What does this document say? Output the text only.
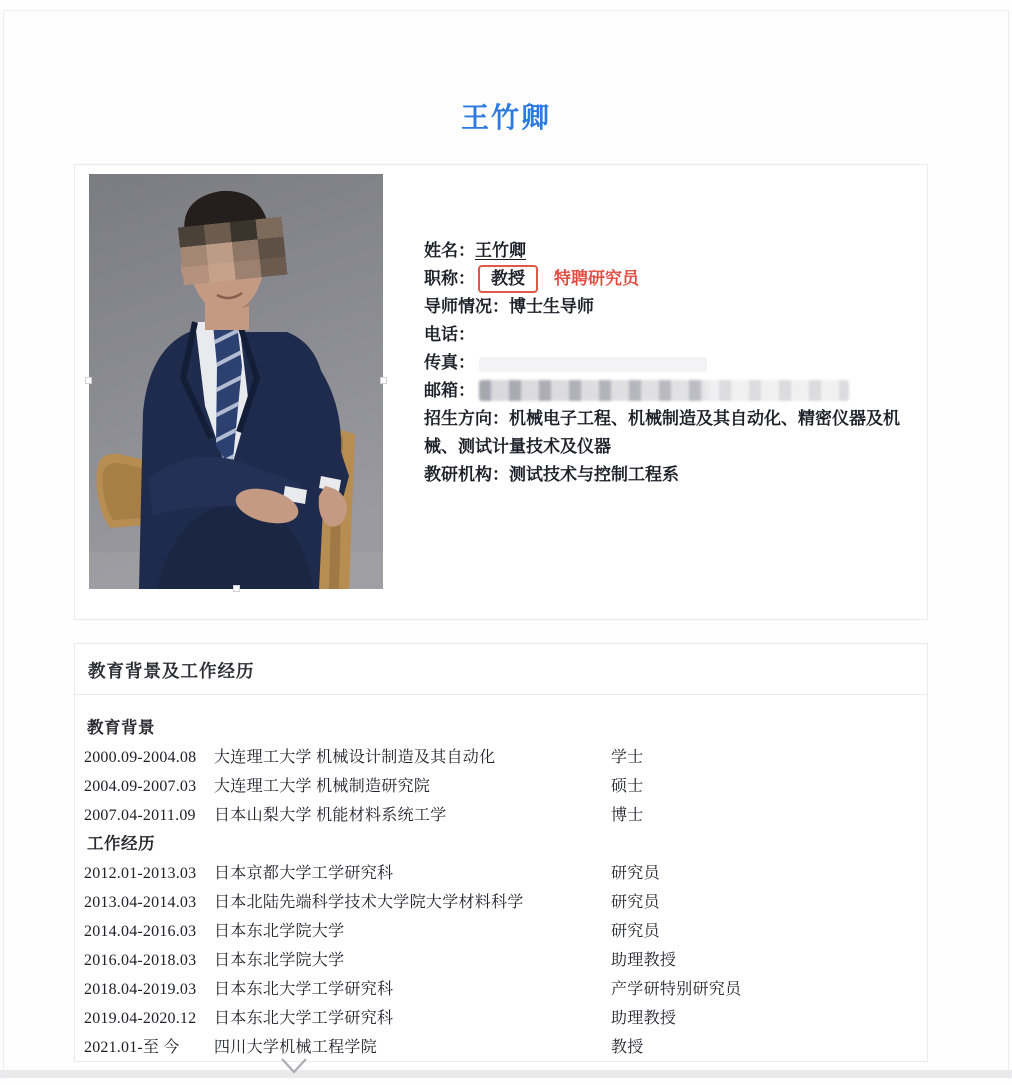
王竹卿
姓名：王竹卿
职称： 教授 特聘研究员
导师情况：博士生导师
电话：
传真：
邮箱：
招生方向：机械电子工程、机械制造及其自动化、精密仪器及机械、测试计量技术及仪器
教研机构：测试技术与控制工程系
教育背景及工作经历
教育背景
2000.09-2004.08	大连理工大学 机械设计制造及其自动化	学士
2004.09-2007.03	大连理工大学 机械制造研究院	硕士
2007.04-2011.09	日本山梨大学 机能材料系统工学	博士
工作经历
2012.01-2013.03	日本京都大学工学研究科	研究员
2013.04-2014.03	日本北陆先端科学技术大学院大学材料科学	研究员
2014.04-2016.03	日本东北学院大学	研究员
2016.04-2018.03	日本东北学院大学	助理教授
2018.04-2019.03	日本东北大学工学研究科	产学研特别研究员
2019.04-2020.12	日本东北大学工学研究科	助理教授
2021.01-至 今	四川大学机械工程学院	教授
